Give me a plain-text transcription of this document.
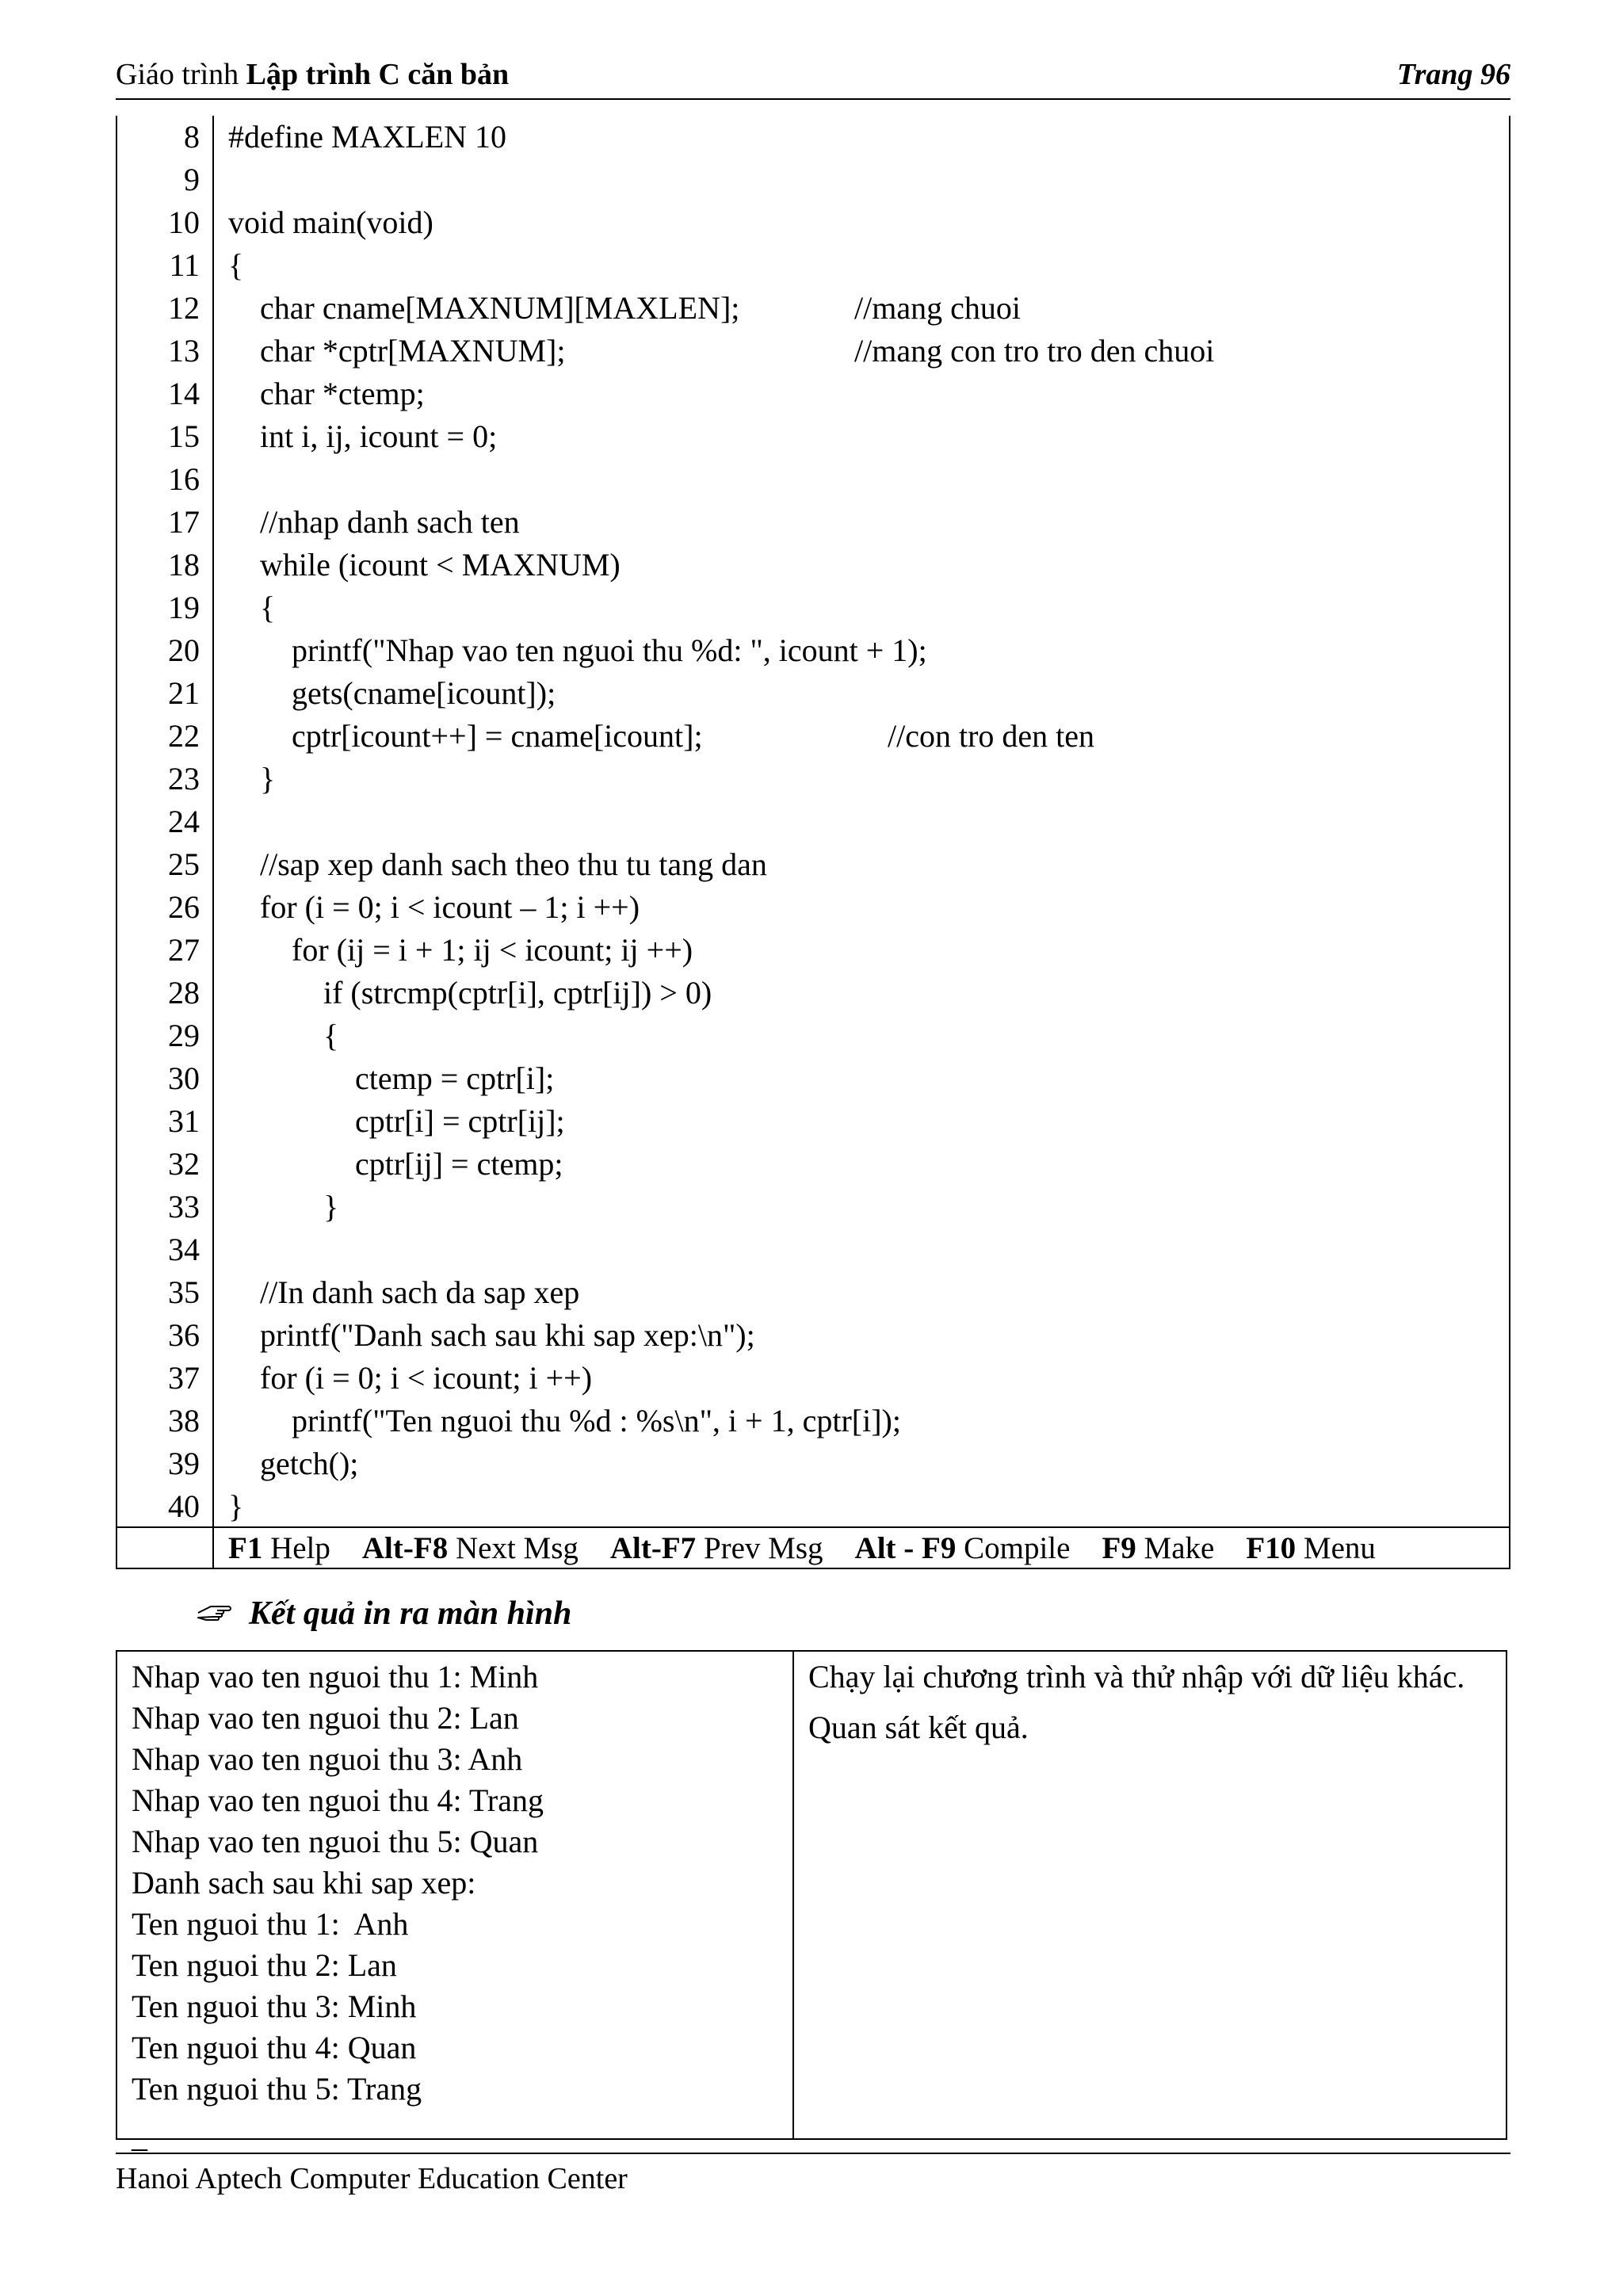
Giáo trình Lập trình C căn bản	Trang 96
8 #define MAXLEN 10
9
10 void main(void)
11 {
12 char cname[MAXNUM][MAXLEN];	//mang chuoi
13 char *cptr[MAXNUM];	//mang con tro tro den chuoi
14 char *ctemp;
15 int i, ij, icount = 0;
16
17 //nhap danh sach ten
18 while (icount < MAXNUM)
19 {
20 printf("Nhap vao ten nguoi thu %d: ", icount + 1);
21 gets(cname[icount]);
22 cptr[icount++] = cname[icount];	//con tro den ten
23 }
24
25 //sap xep danh sach theo thu tu tang dan
26 for (i = 0; i < icount – 1; i ++)
27 for (ij = i + 1; ij < icount; ij ++)
28 if (strcmp(cptr[i], cptr[ij]) > 0)
29 {
30 ctemp = cptr[i];
31 cptr[i] = cptr[ij];
32 cptr[ij] = ctemp;
33 }
34
35 //In danh sach da sap xep
36 printf("Danh sach sau khi sap xep:\n");
37 for (i = 0; i < icount; i ++)
38 printf("Ten nguoi thu %d : %s\n", i + 1, cptr[i]);
39 getch();
40 }

F1 Help Alt-F8 Next Msg Alt-F7 Prev Msg Alt - F9 Compile F9 Make F10 Menu

Kết quả in ra màn hình
Nhap vao ten nguoi thu 1: Minh
Nhap vao ten nguoi thu 2: Lan
Nhap vao ten nguoi thu 3: Anh
Nhap vao ten nguoi thu 4: Trang
Nhap vao ten nguoi thu 5: Quan
Danh sach sau khi sap xep:
Ten nguoi thu 1:  Anh
Ten nguoi thu 2: Lan
Ten nguoi thu 3: Minh
Ten nguoi thu 4: Quan
Ten nguoi thu 5: Trang
_

Chạy lại chương trình và thử nhập với dữ liệu khác.

Quan sát kết quả.

Hanoi Aptech Computer Education Center
